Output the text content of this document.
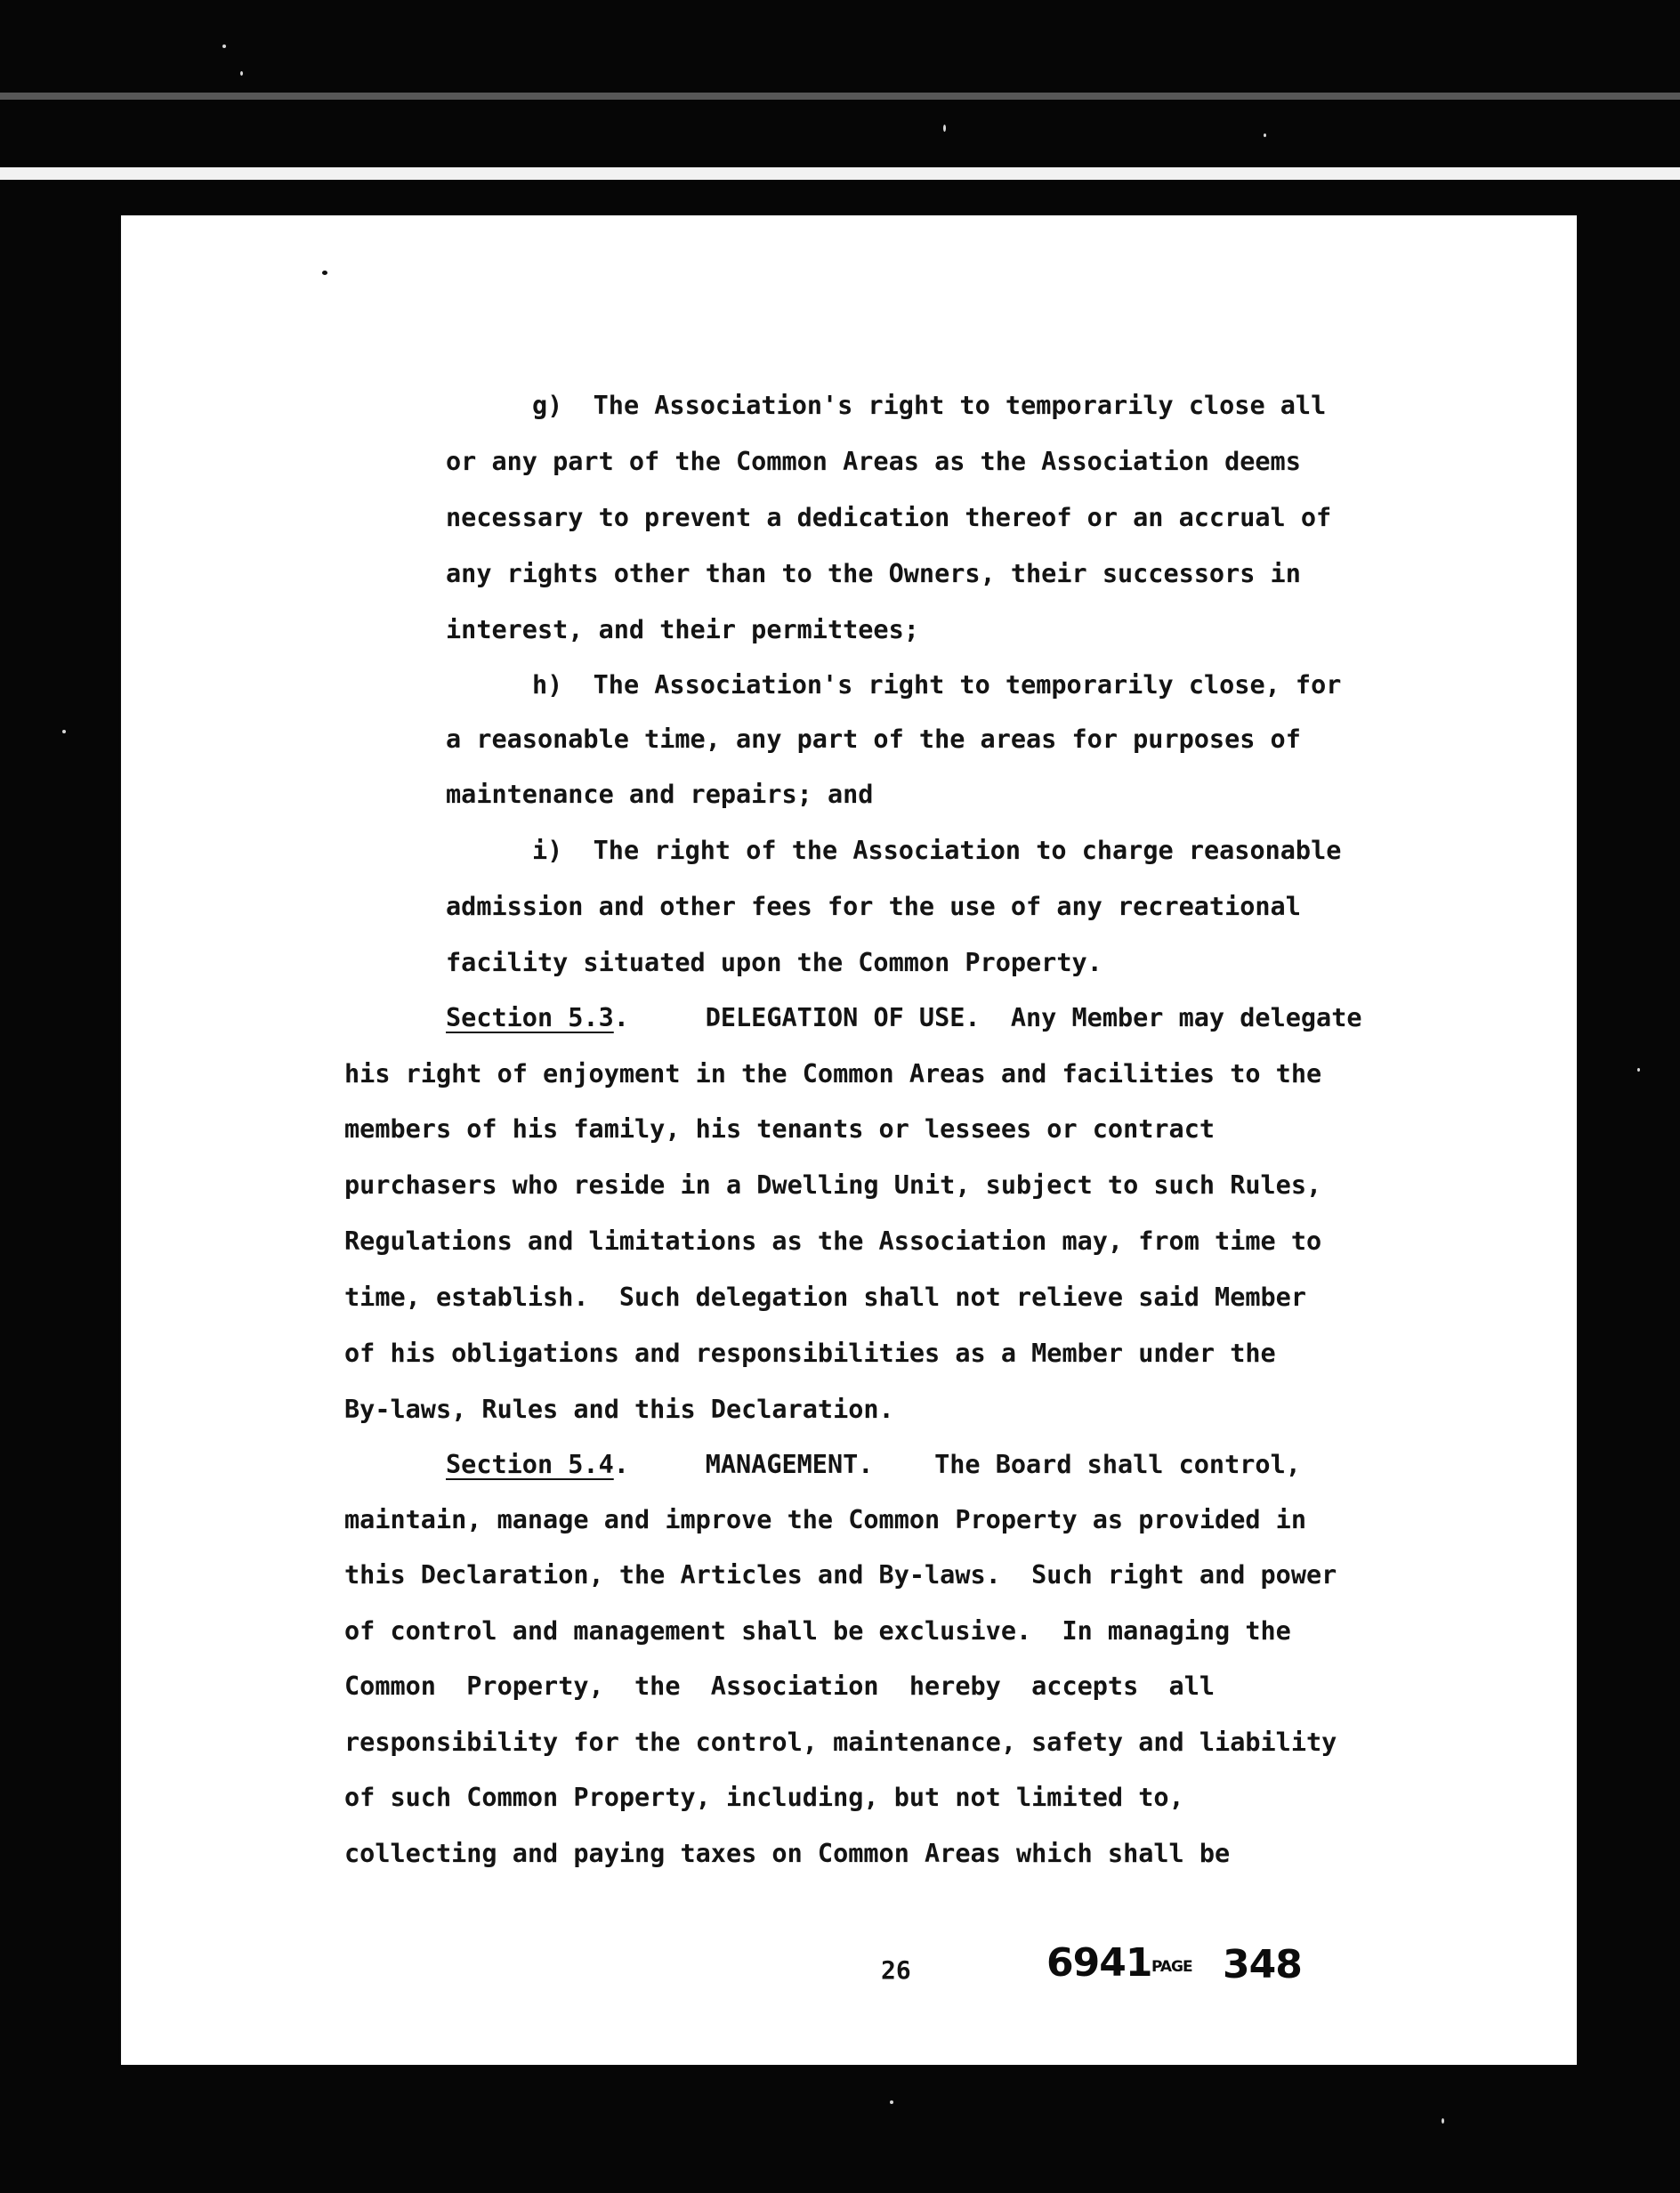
g)  The Association's right to temporarily close all
or any part of the Common Areas as the Association deems
necessary to prevent a dedication thereof or an accrual of
any rights other than to the Owners, their successors in
interest, and their permittees;
h)  The Association's right to temporarily close, for
a reasonable time, any part of the areas for purposes of
maintenance and repairs; and
i)  The right of the Association to charge reasonable
admission and other fees for the use of any recreational
facility situated upon the Common Property.
Section 5.3 .     DELEGATION OF USE.  Any Member may delegate
his right of enjoyment in the Common Areas and facilities to the
members of his family, his tenants or lessees or contract
purchasers who reside in a Dwelling Unit, subject to such Rules,
Regulations and limitations as the Association may, from time to
time, establish.  Such delegation shall not relieve said Member
of his obligations and responsibilities as a Member under the
By-laws, Rules and this Declaration.
Section 5.4 .     MANAGEMENT.    The Board shall control,
maintain, manage and improve the Common Property as provided in
this Declaration, the Articles and By-laws.  Such right and power
of control and management shall be exclusive.  In managing the
Common  Property,  the  Association  hereby  accepts  all
responsibility for the control, maintenance, safety and liability
of such Common Property, including, but not limited to,
collecting and paying taxes on Common Areas which shall be
26	6941 PAGE 348
